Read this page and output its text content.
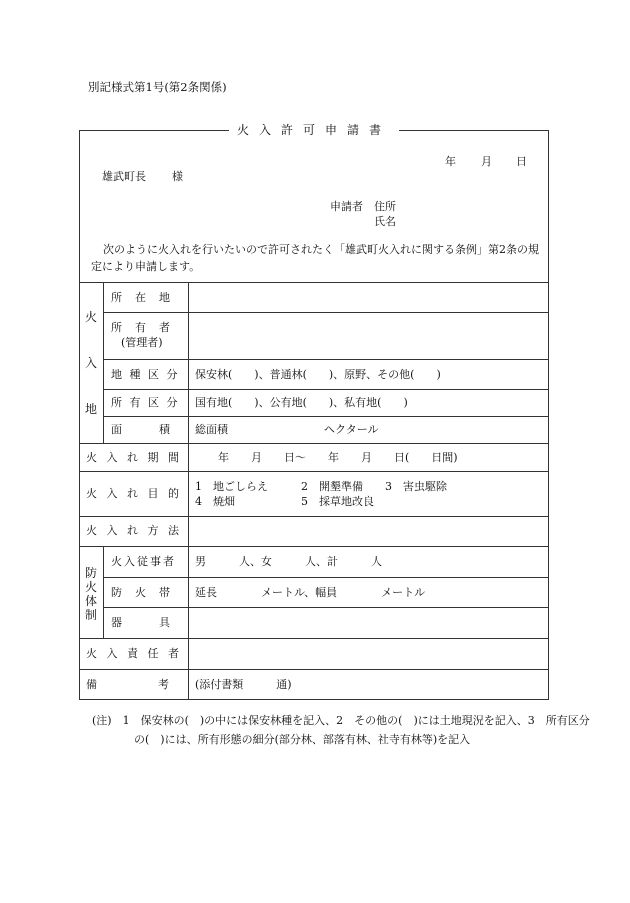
別記様式第1号(第2条関係)
火入許可申請書
年 月 日
雄武町長 様
申請者 住所
氏名
次のように火入れを行いたいので許可されたく「雄武町火入れに関する条例」第2条の規定により申請します。
火
入
地
防
火
体
制
所　在　地
所　有　者
(管理者)
地 種 区 分
所 有 区 分
面　　　積
火 入 れ 期 間
火 入 れ 目 的
火 入 れ 方 法
火入従事者
防　火　帯
器　　　具
火 入 責 任 者
備　　　　　考
保安林(　　)、普通林(　　)、原野、その他(　　)
国有地(　　)、公有地(　　)、私有地(　　)
総面積	ヘクタール
年　　月　　日〜　　年　　月　　日(　　日間)
1　地ごしらえ　　　2　開墾準備　　3　害虫駆除
4　焼畑　　　　　　5　採草地改良
男　　　人、女　　　人、計　　　人
延長　　　　メートル、幅員　　　　メートル
(添付書類　　　通)
(注)　1　保安林の(　)の中には保安林種を記入、2　その他の(　)には土地現況を記入、3　所有区分の(　)には、所有形態の細分(部分林、部落有林、社寺有林等)を記入
